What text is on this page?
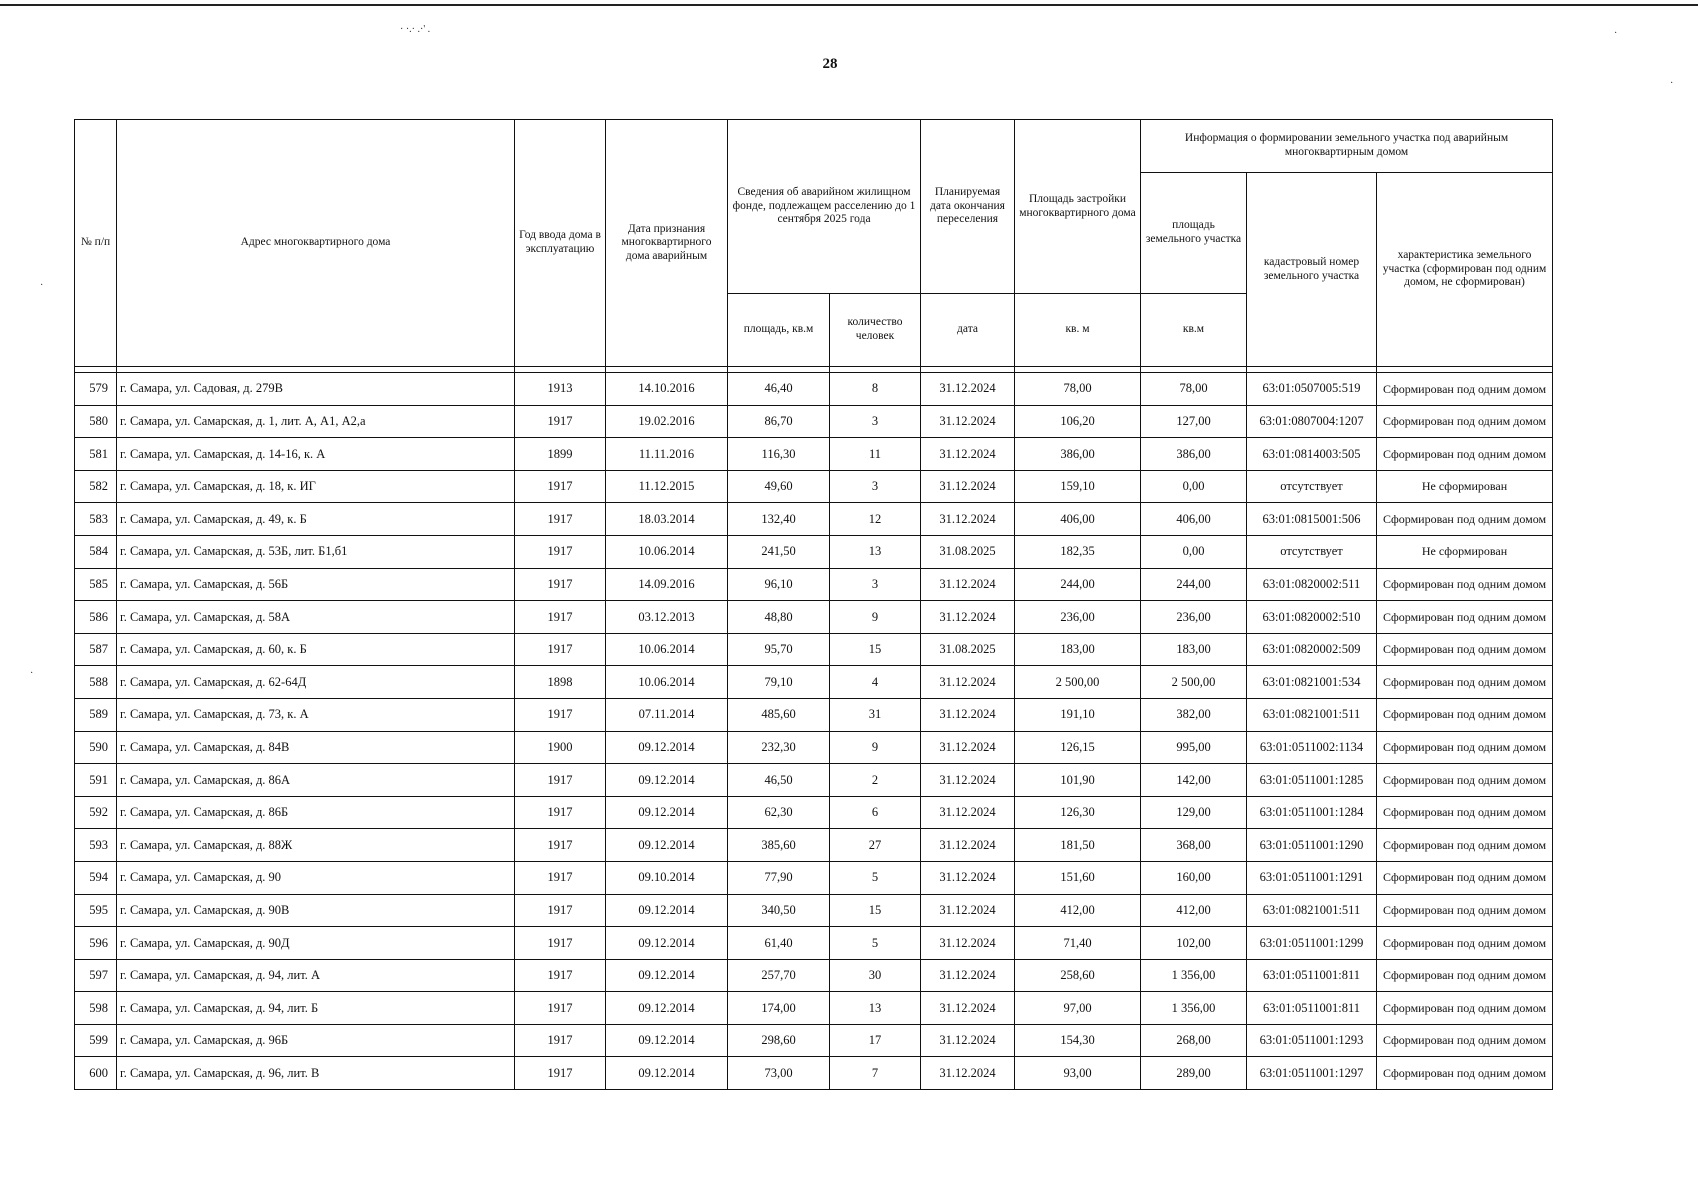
· ·.· .·' .	·
·
·
·
28
№ п/п	Адрес многоквартирного дома	Год ввода дома в эксплуатацию	Дата признания многоквартирного дома аварийным	Сведения об аварийном жилищном фонде, подлежащем расселению до 1 сентября 2025 года		Планируемая дата окончания переселения	Площадь застройки многоквартирного дома	Информация о формировании земельного участка под аварийным многоквартирным домом		
								площадь земельного участка	кадастровый номер земельного участка	характеристика земельного участка (сформирован под одним домом, не сформирован)
				площадь, кв.м	количество человек	дата	кв. м	кв.м		

579	г. Самара, ул. Садовая, д. 279В	1913	14.10.2016	46,40	8	31.12.2024	78,00	78,00	63:01:0507005:519	Сформирован под одним домом
580	г. Самара, ул. Самарская, д. 1, лит. А, А1, А2,а	1917	19.02.2016	86,70	3	31.12.2024	106,20	127,00	63:01:0807004:1207	Сформирован под одним домом
581	г. Самара, ул. Самарская, д. 14-16, к. А	1899	11.11.2016	116,30	11	31.12.2024	386,00	386,00	63:01:0814003:505	Сформирован под одним домом
582	г. Самара, ул. Самарская, д. 18, к. ИГ	1917	11.12.2015	49,60	3	31.12.2024	159,10	0,00	отсутствует	Не сформирован
583	г. Самара, ул. Самарская, д. 49, к. Б	1917	18.03.2014	132,40	12	31.12.2024	406,00	406,00	63:01:0815001:506	Сформирован под одним домом
584	г. Самара, ул. Самарская, д. 53Б, лит. Б1,б1	1917	10.06.2014	241,50	13	31.08.2025	182,35	0,00	отсутствует	Не сформирован
585	г. Самара, ул. Самарская, д. 56Б	1917	14.09.2016	96,10	3	31.12.2024	244,00	244,00	63:01:0820002:511	Сформирован под одним домом
586	г. Самара, ул. Самарская, д. 58А	1917	03.12.2013	48,80	9	31.12.2024	236,00	236,00	63:01:0820002:510	Сформирован под одним домом
587	г. Самара, ул. Самарская, д. 60, к. Б	1917	10.06.2014	95,70	15	31.08.2025	183,00	183,00	63:01:0820002:509	Сформирован под одним домом
588	г. Самара, ул. Самарская, д. 62-64Д	1898	10.06.2014	79,10	4	31.12.2024	2 500,00	2 500,00	63:01:0821001:534	Сформирован под одним домом
589	г. Самара, ул. Самарская, д. 73, к. А	1917	07.11.2014	485,60	31	31.12.2024	191,10	382,00	63:01:0821001:511	Сформирован под одним домом
590	г. Самара, ул. Самарская, д. 84В	1900	09.12.2014	232,30	9	31.12.2024	126,15	995,00	63:01:0511002:1134	Сформирован под одним домом
591	г. Самара, ул. Самарская, д. 86А	1917	09.12.2014	46,50	2	31.12.2024	101,90	142,00	63:01:0511001:1285	Сформирован под одним домом
592	г. Самара, ул. Самарская, д. 86Б	1917	09.12.2014	62,30	6	31.12.2024	126,30	129,00	63:01:0511001:1284	Сформирован под одним домом
593	г. Самара, ул. Самарская, д. 88Ж	1917	09.12.2014	385,60	27	31.12.2024	181,50	368,00	63:01:0511001:1290	Сформирован под одним домом
594	г. Самара, ул. Самарская, д. 90	1917	09.10.2014	77,90	5	31.12.2024	151,60	160,00	63:01:0511001:1291	Сформирован под одним домом
595	г. Самара, ул. Самарская, д. 90В	1917	09.12.2014	340,50	15	31.12.2024	412,00	412,00	63:01:0821001:511	Сформирован под одним домом
596	г. Самара, ул. Самарская, д. 90Д	1917	09.12.2014	61,40	5	31.12.2024	71,40	102,00	63:01:0511001:1299	Сформирован под одним домом
597	г. Самара, ул. Самарская, д. 94, лит. А	1917	09.12.2014	257,70	30	31.12.2024	258,60	1 356,00	63:01:0511001:811	Сформирован под одним домом
598	г. Самара, ул. Самарская, д. 94, лит. Б	1917	09.12.2014	174,00	13	31.12.2024	97,00	1 356,00	63:01:0511001:811	Сформирован под одним домом
599	г. Самара, ул. Самарская, д. 96Б	1917	09.12.2014	298,60	17	31.12.2024	154,30	268,00	63:01:0511001:1293	Сформирован под одним домом
600	г. Самара, ул. Самарская, д. 96, лит. В	1917	09.12.2014	73,00	7	31.12.2024	93,00	289,00	63:01:0511001:1297	Сформирован под одним домом
